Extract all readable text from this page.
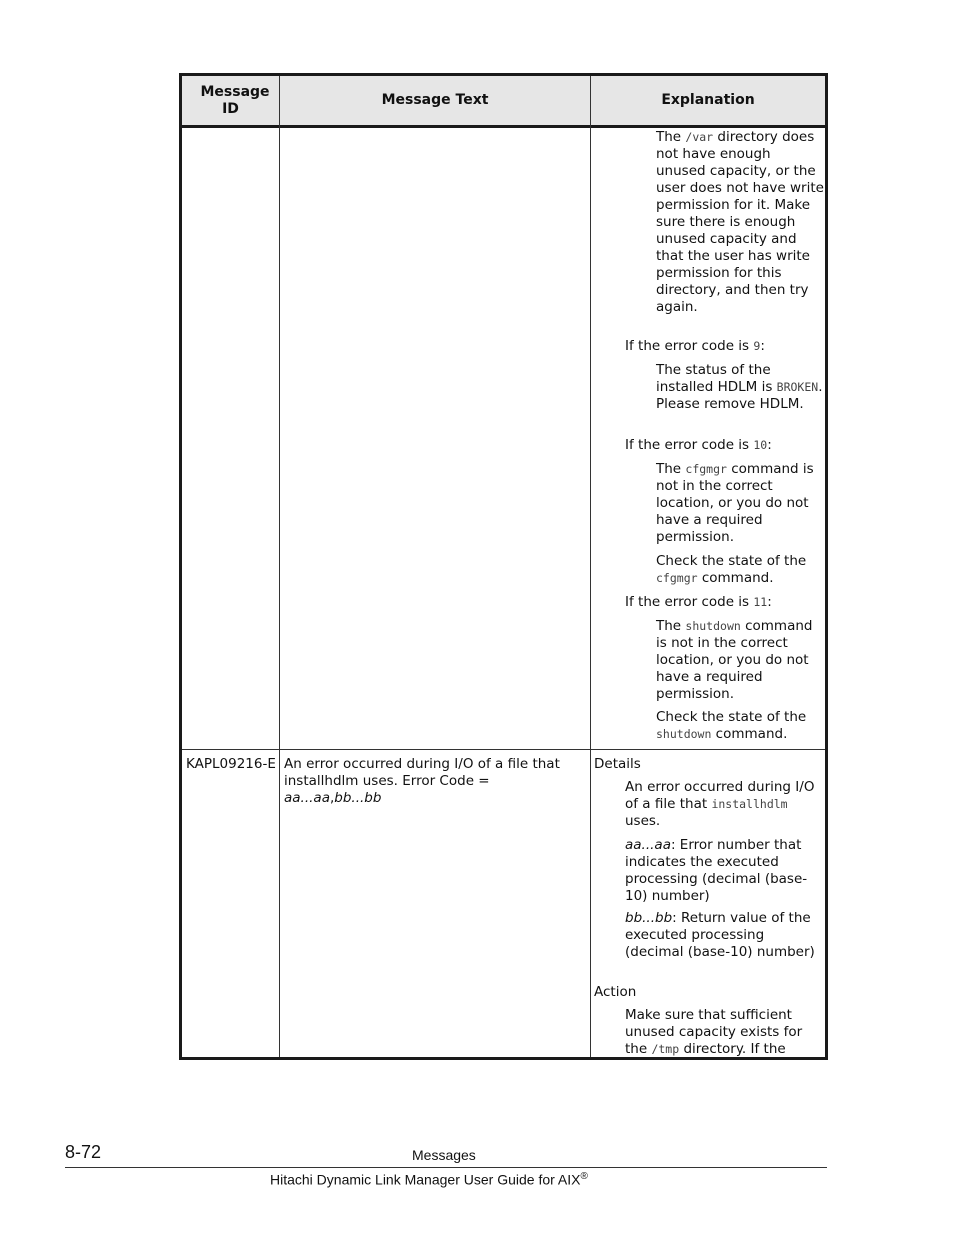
Message ID
Message Text	Explanation

The /var directory does not have enough unused capacity, or the user does not have write permission for it. Make sure there is enough unused capacity and that the user has write permission for this directory, and then try again.

If the error code is 9:

The status of the installed HDLM is BROKEN. Please remove HDLM.

If the error code is 10:

The cfgmgr command is not in the correct location, or you do not have a required permission.

Check the state of the cfgmgr command.

If the error code is 11:

The shutdown command is not in the correct location, or you do not have a required permission.

Check the state of the shutdown command.

KAPL09216-E An error occurred during I/O of a file that installhdlm uses. Error Code = aa...aa,bb...bb

Details

An error occurred during I/O of a file that installhdlm uses.

aa...aa: Error number that indicates the executed processing (decimal (base-10) number)

bb...bb: Return value of the executed processing (decimal (base-10) number)

Action

Make sure that sufficient unused capacity exists for the /tmp directory. If the

8-72	Messages
Hitachi Dynamic Link Manager User Guide for AIX®
